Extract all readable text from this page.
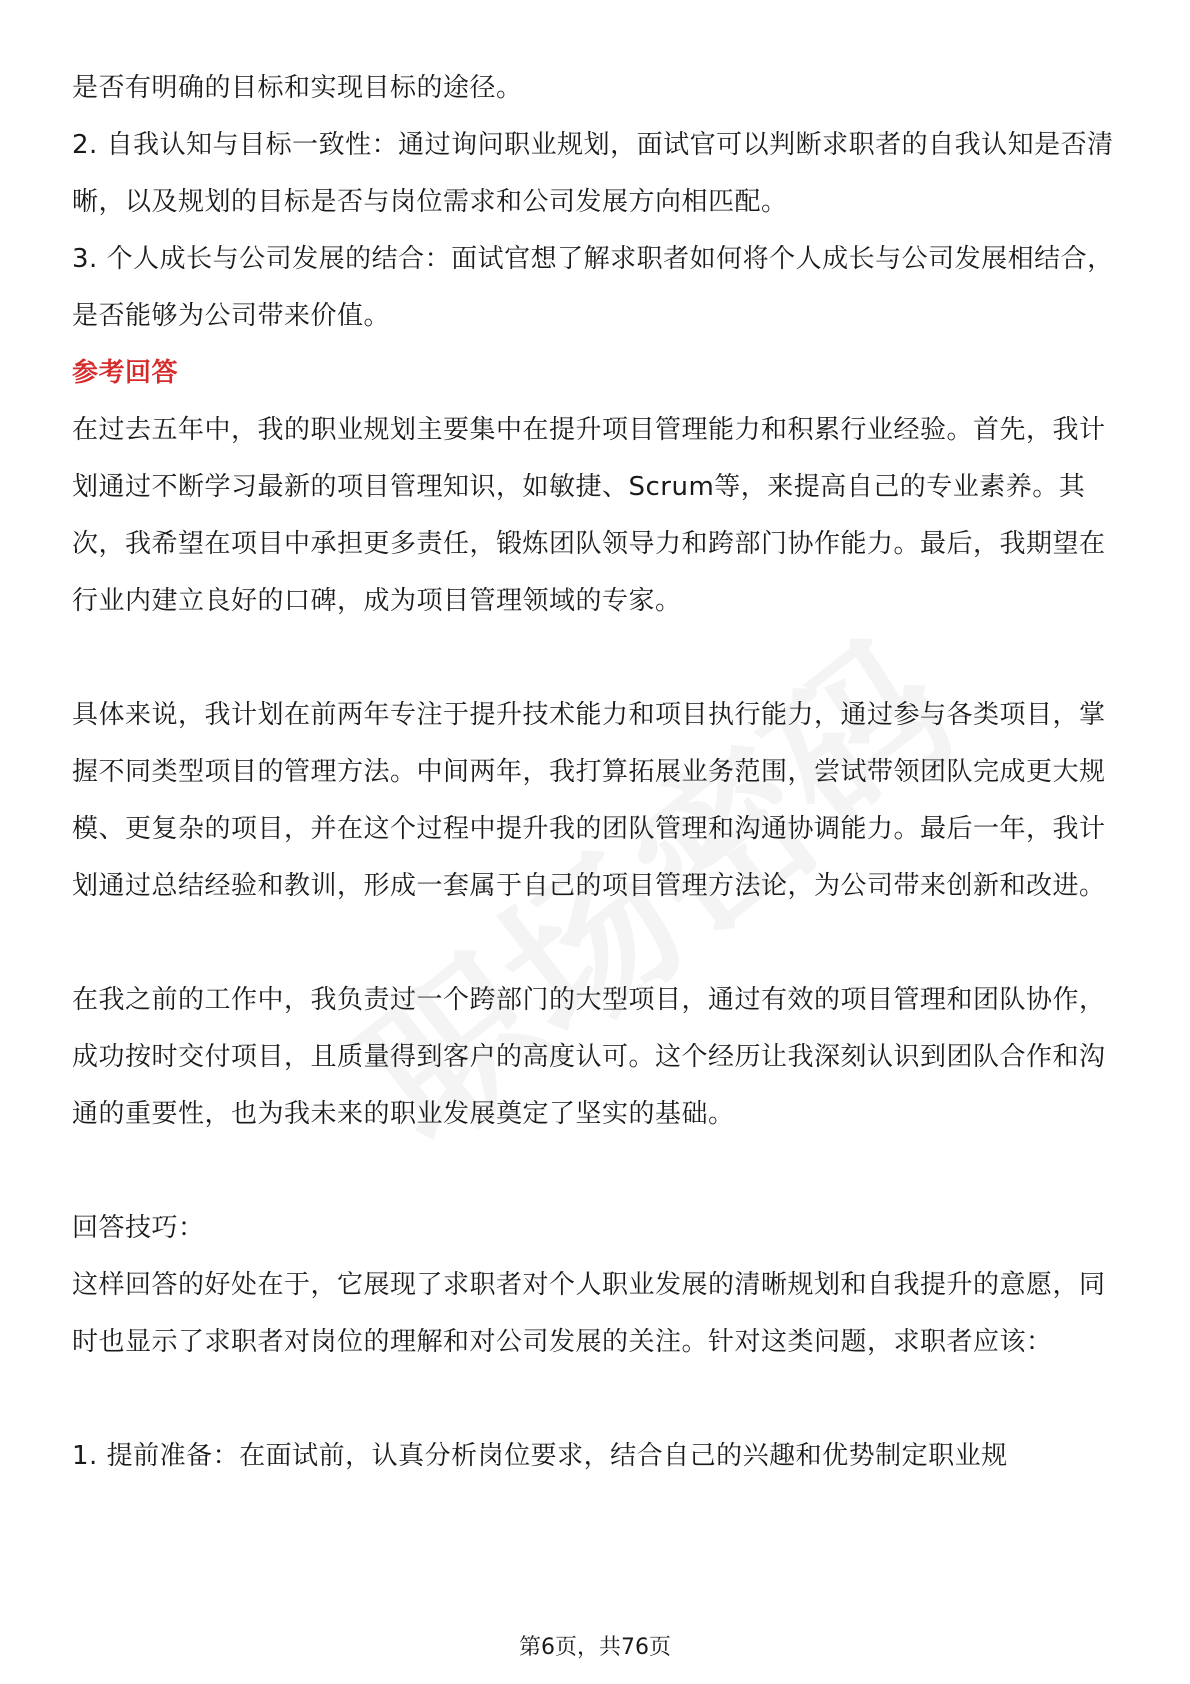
是否有明确的目标和实现目标的途径。

2. 自我认知与目标一致性：通过询问职业规划，面试官可以判断求职者的自我认知是否清晰，以及规划的目标是否与岗位需求和公司发展方向相匹配。

3. 个人成长与公司发展的结合：面试官想了解求职者如何将个人成长与公司发展相结合，是否能够为公司带来价值。

参考回答

在过去五年中，我的职业规划主要集中在提升项目管理能力和积累行业经验。首先，我计划通过不断学习最新的项目管理知识，如敏捷、Scrum等，来提高自己的专业素养。其次，我希望在项目中承担更多责任，锻炼团队领导力和跨部门协作能力。最后，我期望在行业内建立良好的口碑，成为项目管理领域的专家。

具体来说，我计划在前两年专注于提升技术能力和项目执行能力，通过参与各类项目，掌握不同类型项目的管理方法。中间两年，我打算拓展业务范围，尝试带领团队完成更大规模、更复杂的项目，并在这个过程中提升我的团队管理和沟通协调能力。最后一年，我计划通过总结经验和教训，形成一套属于自己的项目管理方法论，为公司带来创新和改进。

在我之前的工作中，我负责过一个跨部门的大型项目，通过有效的项目管理和团队协作，成功按时交付项目，且质量得到客户的高度认可。这个经历让我深刻认识到团队合作和沟通的重要性，也为我未来的职业发展奠定了坚实的基础。

回答技巧：

这样回答的好处在于，它展现了求职者对个人职业发展的清晰规划和自我提升的意愿，同时也显示了求职者对岗位的理解和对公司发展的关注。针对这类问题，求职者应该：

1. 提前准备：在面试前，认真分析岗位要求，结合自己的兴趣和优势制定职业规

第6页，共76页
